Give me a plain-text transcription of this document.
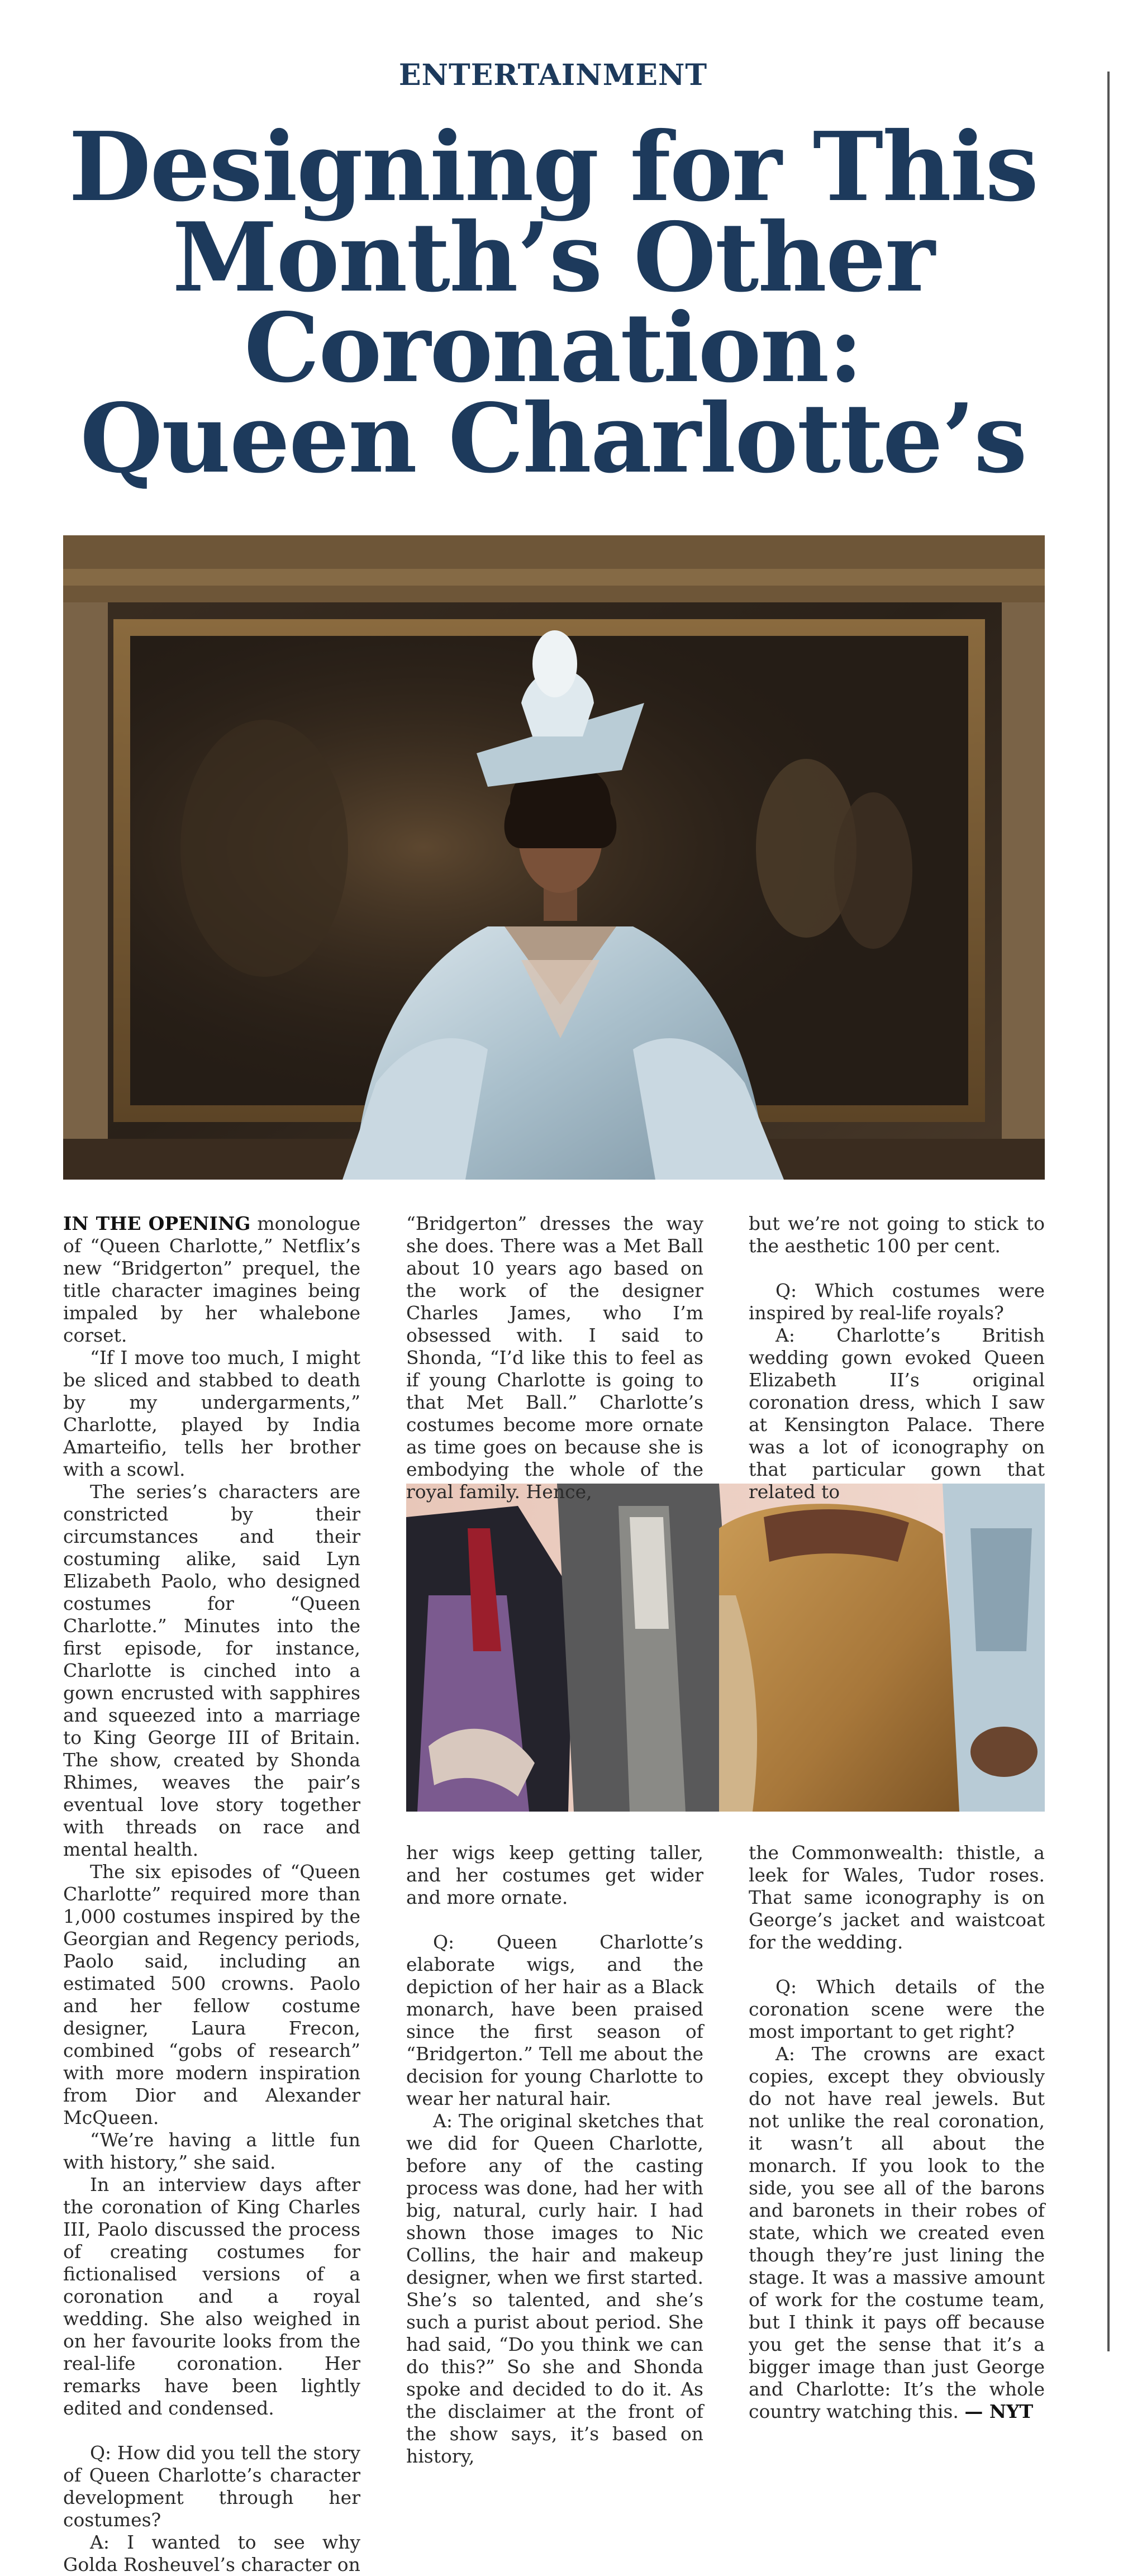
ENTERTAINMENT
Designing for This Month’s Other Coronation: Queen Charlotte’s

IN THE OPENING monologue of “Queen Charlotte,” Netflix’s new “Bridgerton” prequel, the title character imagines being impaled by her whalebone corset.

“If I move too much, I might be sliced and stabbed to death by my undergarments,” Charlotte, played by India Amarteifio, tells her brother with a scowl.

The series’s characters are constricted by their circumstances and their costuming alike, said Lyn Elizabeth Paolo, who designed costumes for “Queen Charlotte.” Minutes into the first episode, for instance, Charlotte is cinched into a gown encrusted with sapphires and squeezed into a marriage to King George III of Britain. The show, created by Shonda Rhimes, weaves the pair’s eventual love story together with threads on race and mental health.

The six episodes of “Queen Charlotte” required more than 1,000 costumes inspired by the Georgian and Regency periods, Paolo said, including an estimated 500 crowns. Paolo and her fellow costume designer, Laura Frecon, combined “gobs of research” with more modern inspiration from Dior and Alexander McQueen.

“We’re having a little fun with history,” she said.

In an interview days after the coronation of King Charles III, Paolo discussed the process of creating costumes for fictionalised versions of a coronation and a royal wedding. She also weighed in on her favourite looks from the real-life coronation. Her remarks have been lightly edited and condensed.

Q: How did you tell the story of Queen Charlotte’s character development through her costumes?

A: I wanted to see why Golda Rosheuvel’s character on

“Bridgerton” dresses the way she does. There was a Met Ball about 10 years ago based on the work of the designer Charles James, who I’m obsessed with. I said to Shonda, “I’d like this to feel as if young Charlotte is going to that Met Ball.” Charlotte’s costumes become more ornate as time goes on because she is embodying the whole of the royal family. Hence,

but we’re not going to stick to the aesthetic 100 per cent.

Q: Which costumes were inspired by real-life royals?

A: Charlotte’s British wedding gown evoked Queen Elizabeth II’s original coronation dress, which I saw at Kensington Palace. There was a lot of iconography on that particular gown that related to

her wigs keep getting taller, and her costumes get wider and more ornate.

Q: Queen Charlotte’s elaborate wigs, and the depiction of her hair as a Black monarch, have been praised since the first season of “Bridgerton.” Tell me about the decision for young Charlotte to wear her natural hair.

A: The original sketches that we did for Queen Charlotte, before any of the casting process was done, had her with big, natural, curly hair. I had shown those images to Nic Collins, the hair and makeup designer, when we first started. She’s so talented, and she’s such a purist about period. She had said, “Do you think we can do this?” So she and Shonda spoke and decided to do it. As the disclaimer at the front of the show says, it’s based on history,

the Commonwealth: thistle, a leek for Wales, Tudor roses. That same iconography is on George’s jacket and waistcoat for the wedding.

Q: Which details of the coronation scene were the most important to get right?

A: The crowns are exact copies, except they obviously do not have real jewels. But not unlike the real coronation, it wasn’t all about the monarch. If you look to the side, you see all of the barons and baronets in their robes of state, which we created even though they’re just lining the stage. It was a massive amount of work for the costume team, but I think it pays off because you get the sense that it’s a bigger image than just George and Charlotte: It’s the whole country watching this. — NYT
